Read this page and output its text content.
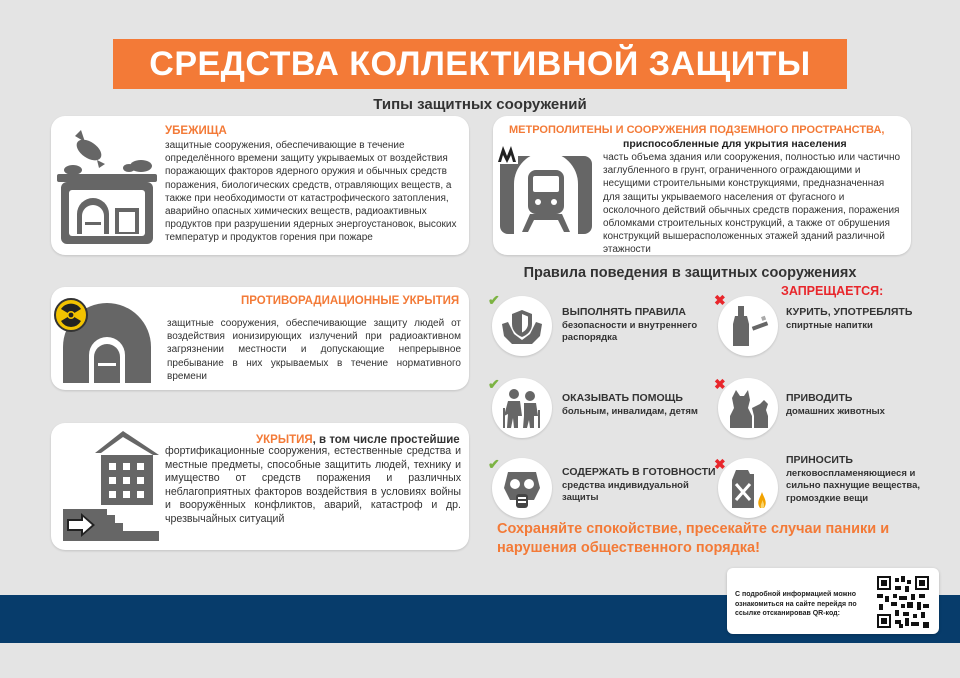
СРЕДСТВА КОЛЛЕКТИВНОЙ ЗАЩИТЫ
Типы защитных сооружений
УБЕЖИЩА
защитные сооружения, обеспечивающие в течение определённого времени защиту укрываемых от воздействия поражающих факторов ядерного оружия и обычных средств поражения, биологических средств, отравляющих веществ, а также при необходимости от катастрофического затопления, аварийно опасных химических веществ, радиоактивных продуктов при разрушении ядерных энергоустановок, высоких температур и продуктов горения при пожаре
ПРОТИВОРАДИАЦИОННЫЕ УКРЫТИЯ
защитные сооружения, обеспечивающие защиту людей от воздействия ионизирующих излучений при радиоактивном загрязнении местности и допускающие непрерывное пребывание в них укрываемых в течение нормативного времени
УКРЫТИЯ, в том числе простейшие
фортификационные сооружения, естественные средства и местные предметы, способные защитить людей, технику и имущество от средств поражения и различных неблагоприятных факторов воздействия в условиях войны и вооружённых конфликтов, аварий, катастроф и др. чрезвычайных ситуаций
МЕТРОПОЛИТЕНЫ И СООРУЖЕНИЯ ПОДЗЕМНОГО ПРОСТРАНСТВА,
приспособленные для укрытия населения
часть объема здания или сооружения, полностью или частично заглубленного в грунт, ограниченного ограждающими и несущими строительными конструкциями, предназначенная для защиты укрываемого населения от фугасного и осколочного действий обычных средств поражения, поражения обломками строительных конструкций, а также от обрушения конструкций вышерасположенных этажей зданий различной этажности
Правила поведения в защитных сооружениях
ЗАПРЕЩАЕТСЯ:
✔
ВЫПОЛНЯТЬ ПРАВИЛА
безопасности и внутреннего распорядка
✔
ОКАЗЫВАТЬ ПОМОЩЬ
больным, инвалидам, детям
✔	СОДЕРЖАТЬ В ГОТОВНОСТИ
средства индивидуальной защиты
✖
КУРИТЬ, УПОТРЕБЛЯТЬ спиртные напитки
✖
ПРИВОДИТЬ
домашних животных
✖	ПРИНОСИТЬ
легковоспламеняющиеся и сильно пахнущие вещества, громоздкие вещи
Сохраняйте спокойствие, пресекайте случаи паники и нарушения общественного порядка!
С подробной информацией можно ознакомиться на сайте перейдя по ссылке отсканировав QR-код:
